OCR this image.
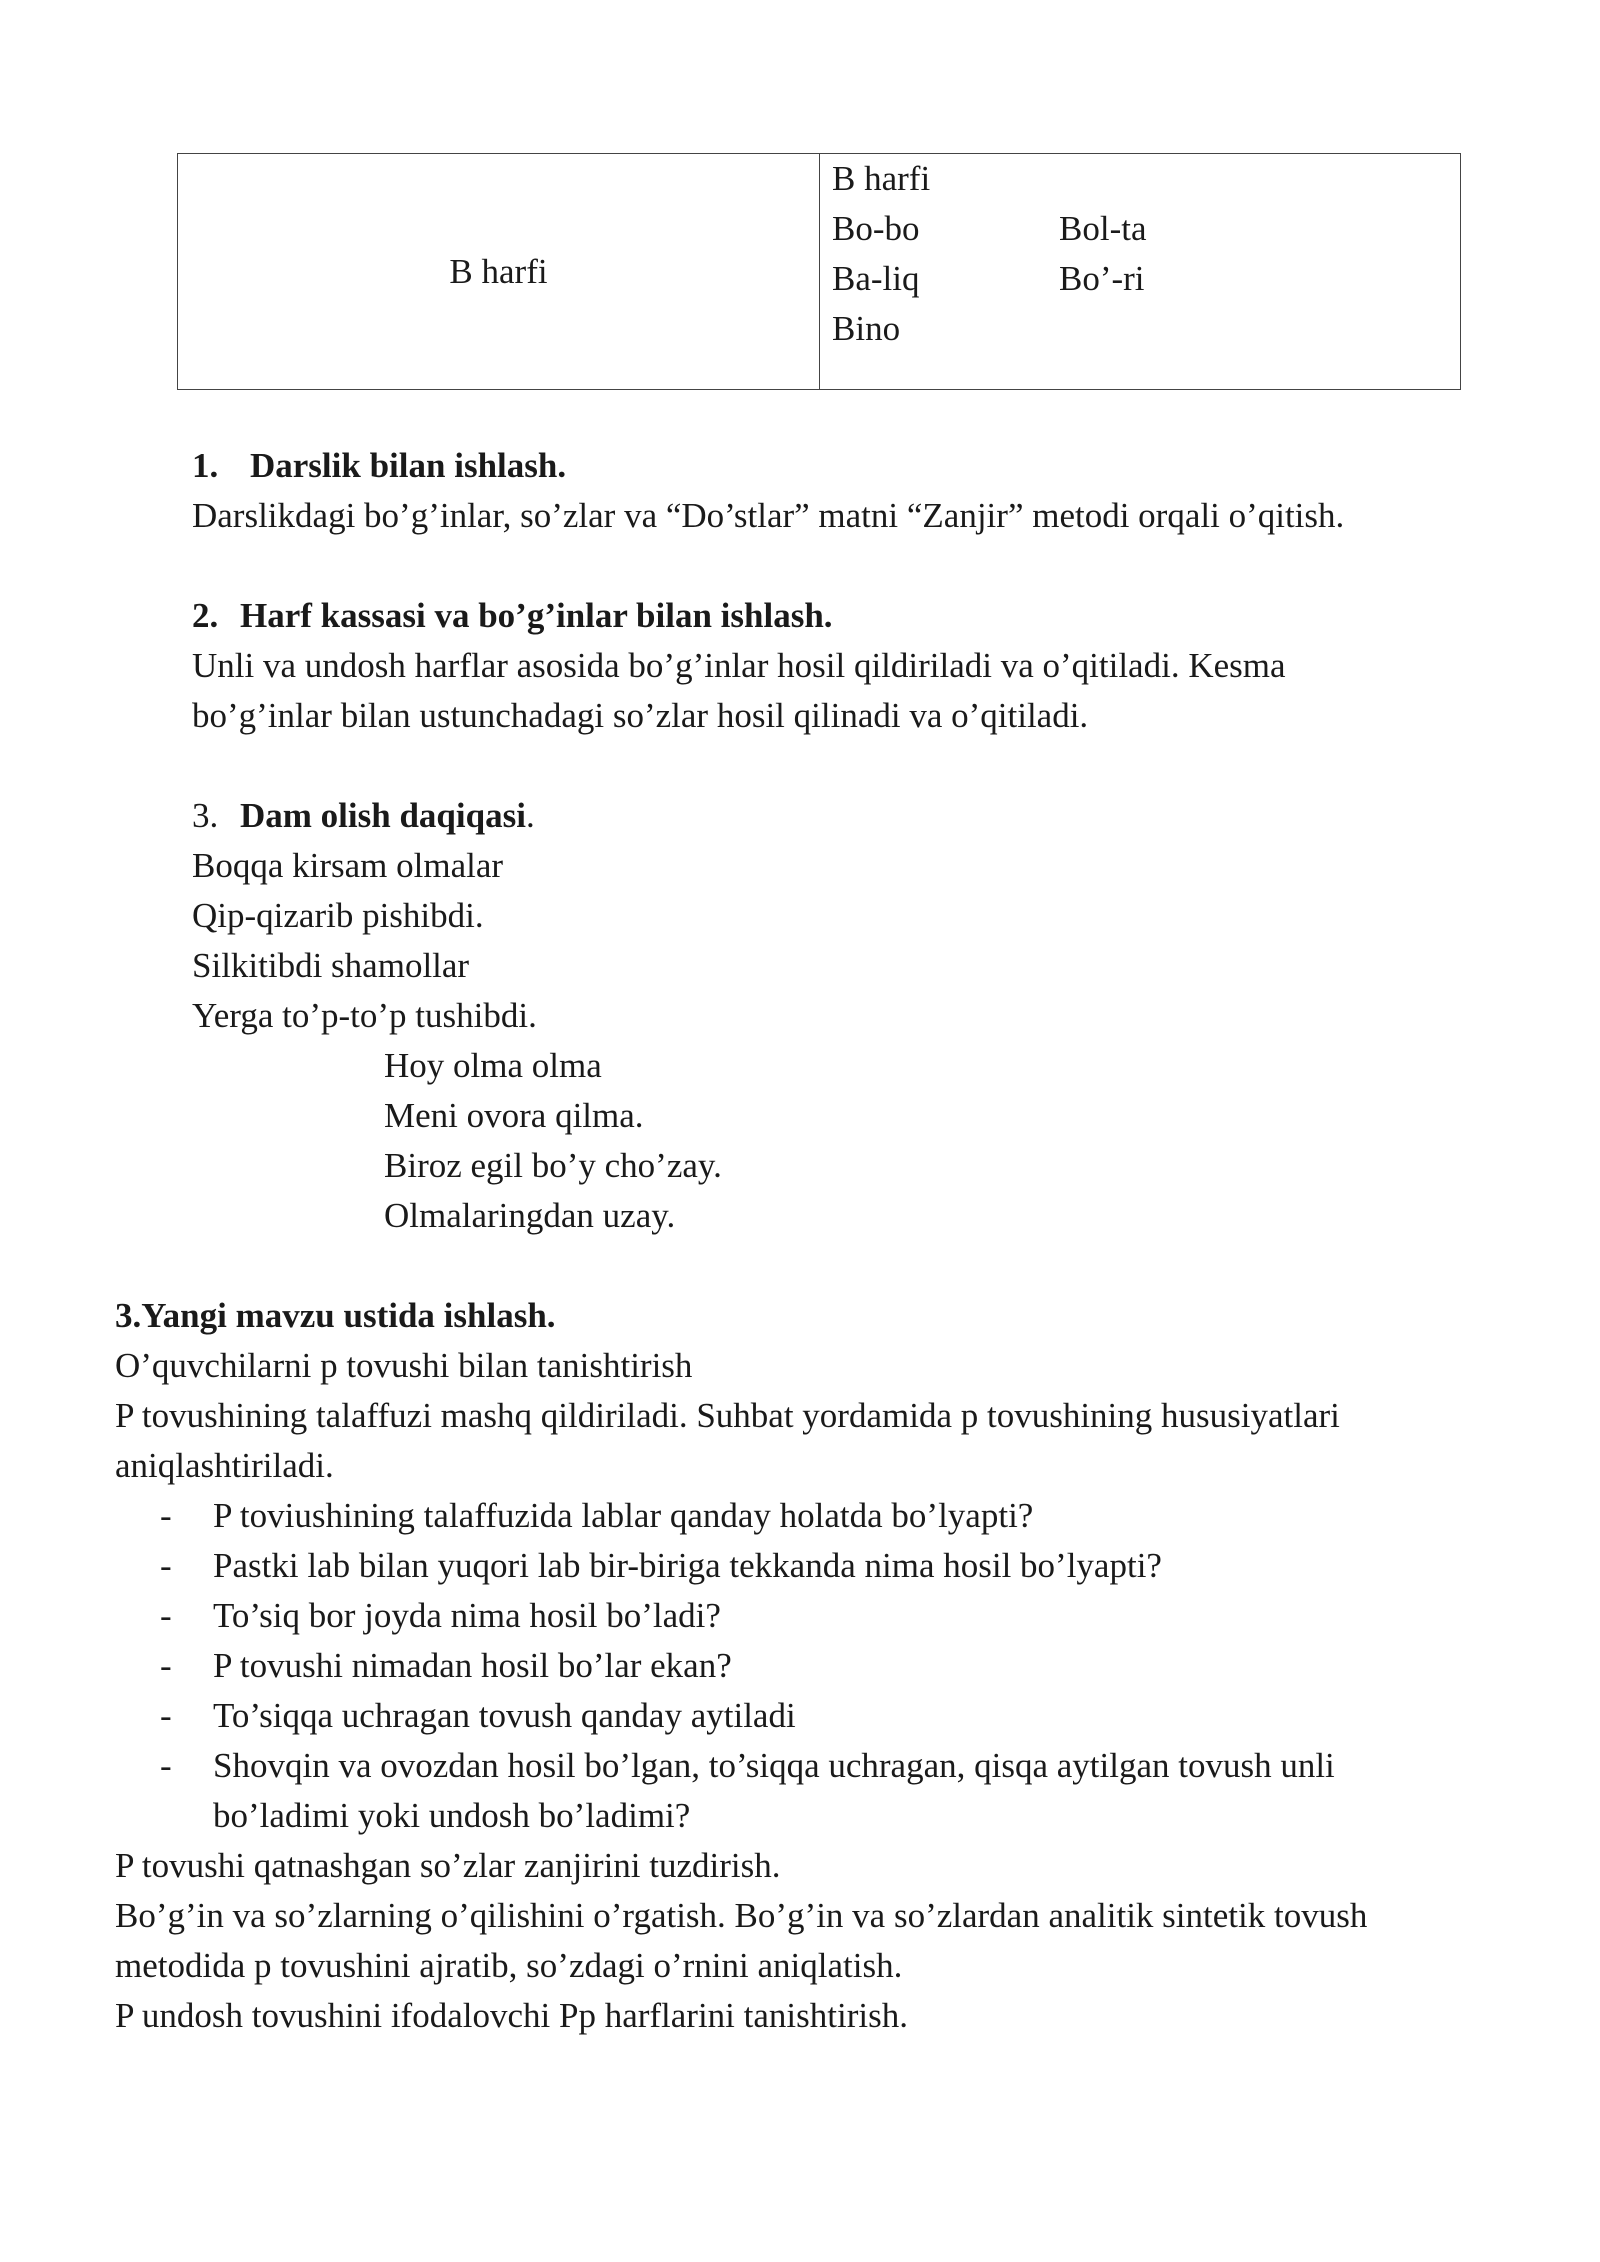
B harfi
B harfi
Bo-bo	Bol-ta
Ba-liq	Bo’-ri
Bino
1. Darslik bilan ishlash.
Darslikdagi bo’g’inlar, so’zlar va “Do’stlar” matni “Zanjir” metodi orqali o’qitish.
2. Harf kassasi va bo’g’inlar bilan ishlash.
Unli va undosh harflar asosida bo’g’inlar hosil qildiriladi va o’qitiladi. Kesma
bo’g’inlar bilan ustunchadagi so’zlar hosil qilinadi va o’qitiladi.
3. Dam olish daqiqasi.
Boqqa kirsam olmalar
Qip-qizarib pishibdi.
Silkitibdi shamollar
Yerga to’p-to’p tushibdi.
Hoy olma olma
Meni ovora qilma.
Biroz egil bo’y cho’zay.
Olmalaringdan uzay.
3.Yangi mavzu ustida ishlash.
O’quvchilarni p tovushi bilan tanishtirish
P tovushining talaffuzi mashq qildiriladi. Suhbat yordamida p tovushining hususiyatlari
aniqlashtiriladi.
- P toviushining talaffuzida lablar qanday holatda bo’lyapti?
- Pastki lab bilan yuqori lab bir-biriga tekkanda nima hosil bo’lyapti?
- To’siq bor joyda nima hosil bo’ladi?
- P tovushi nimadan hosil bo’lar ekan?
- To’siqqa uchragan tovush qanday aytiladi
- Shovqin va ovozdan hosil bo’lgan, to’siqqa uchragan, qisqa aytilgan tovush unli
bo’ladimi yoki undosh bo’ladimi?
P tovushi qatnashgan so’zlar zanjirini tuzdirish.
Bo’g’in va so’zlarning o’qilishini o’rgatish. Bo’g’in va so’zlardan analitik sintetik tovush
metodida p tovushini ajratib, so’zdagi o’rnini aniqlatish.
P undosh tovushini ifodalovchi Pp harflarini tanishtirish.
